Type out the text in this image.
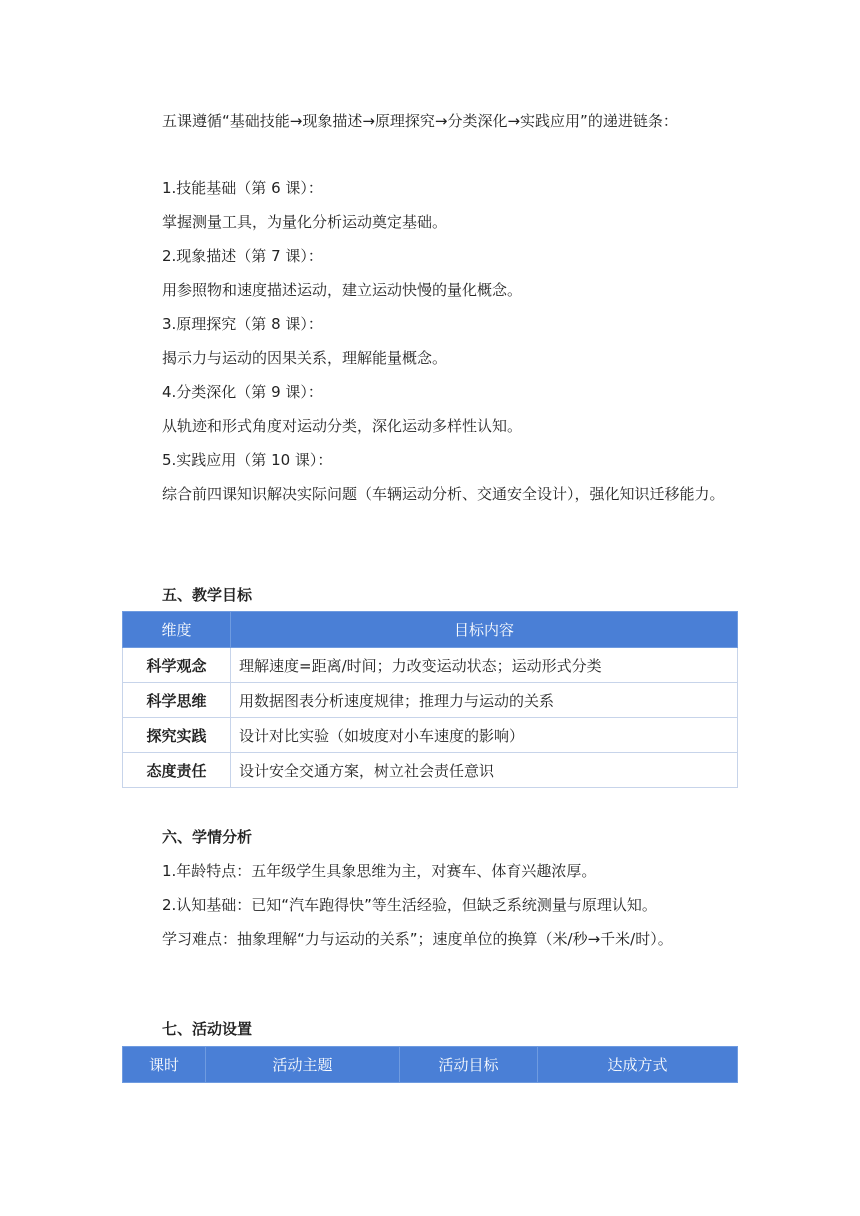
五课遵循“基础技能→现象描述→原理探究→分类深化→实践应用”的递进链条：

1.技能基础（第 6 课）：

掌握测量工具，为量化分析运动奠定基础。

2.现象描述（第 7 课）：

用参照物和速度描述运动，建立运动快慢的量化概念。

3.原理探究（第 8 课）：

揭示力与运动的因果关系，理解能量概念。

4.分类深化（第 9 课）：

从轨迹和形式角度对运动分类，深化运动多样性认知。

5.实践应用（第 10 课）：

综合前四课知识解决实际问题（车辆运动分析、交通安全设计），强化知识迁移能力。

五、教学目标

维度	目标内容
科学观念	理解速度=距离/时间；力改变运动状态；运动形式分类
科学思维	用数据图表分析速度规律；推理力与运动的关系
探究实践	设计对比实验（如坡度对小车速度的影响）
态度责任	设计安全交通方案，树立社会责任意识

六、学情分析

1.年龄特点：五年级学生具象思维为主，对赛车、体育兴趣浓厚。

2.认知基础：已知“汽车跑得快”等生活经验，但缺乏系统测量与原理认知。

学习难点：抽象理解“力与运动的关系”；速度单位的换算（米/秒→千米/时）。

七、活动设置

课时	活动主题	活动目标	达成方式
